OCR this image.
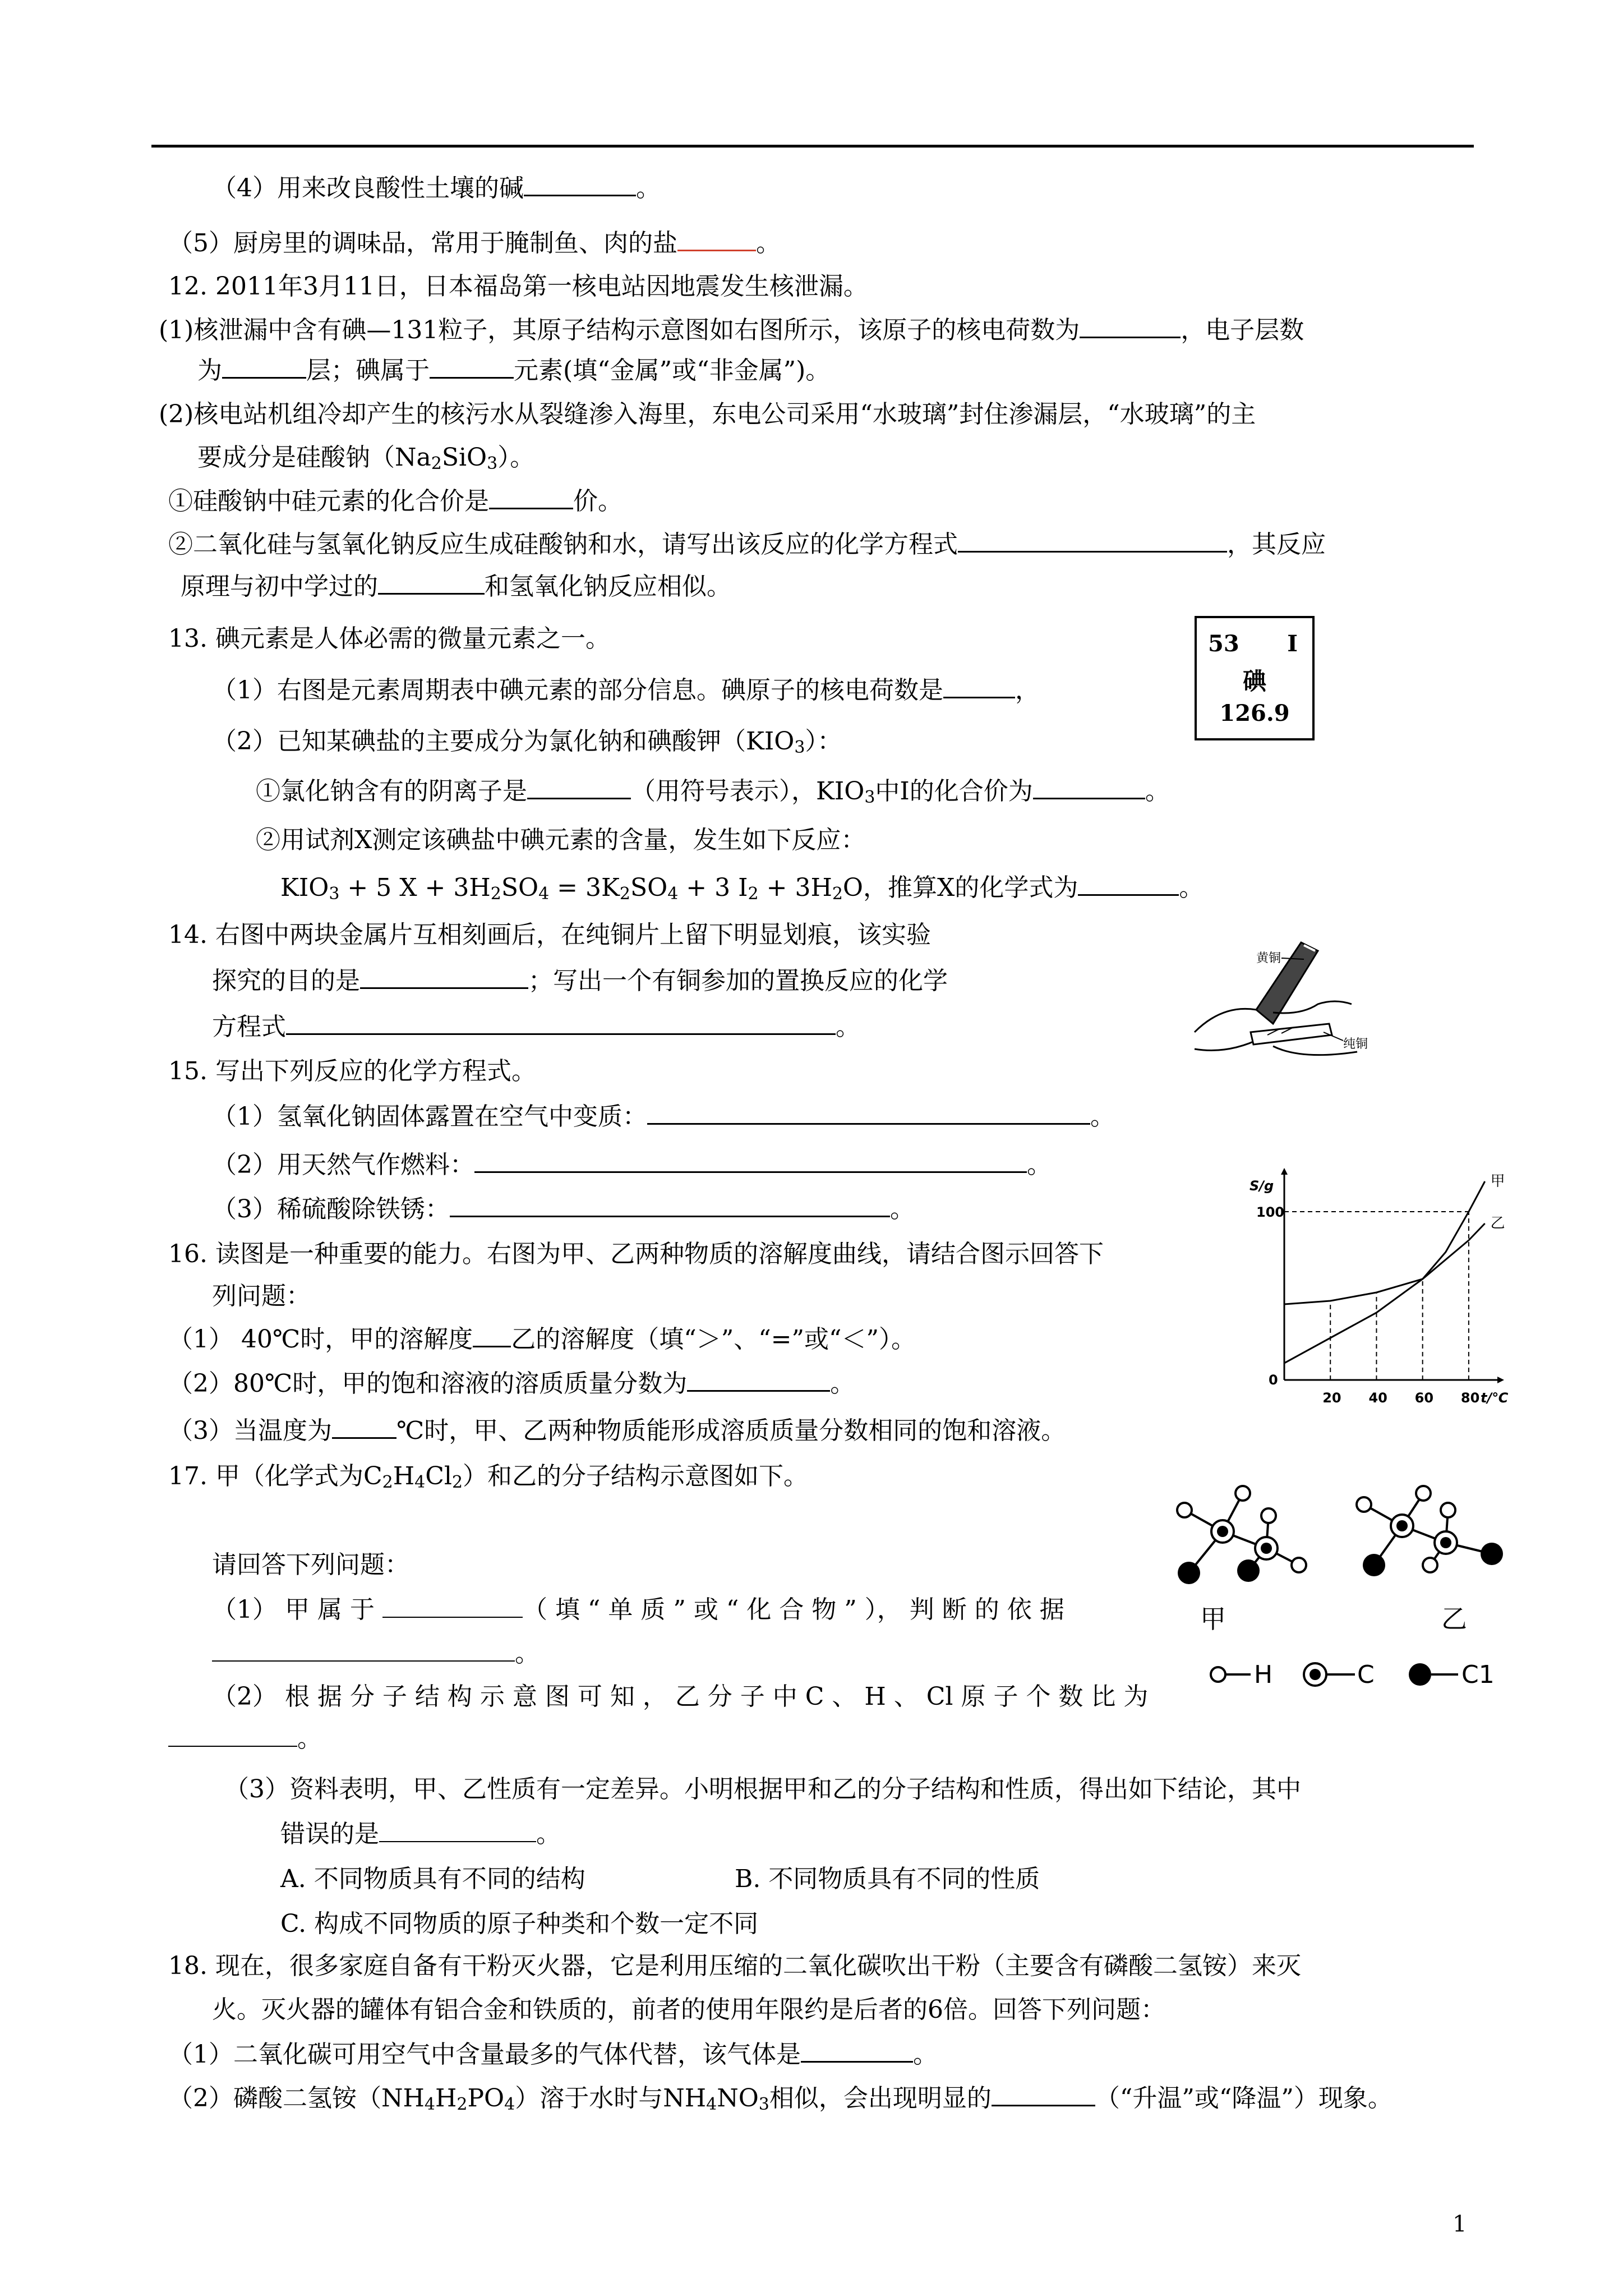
（4）用来改良酸性土壤的碱	。
（5）厨房里的调味品，常用于腌制鱼、肉的盐	。
12. 2011年3月11日，日本福岛第一核电站因地震发生核泄漏。
(1)核泄漏中含有碘—131粒子，其原子结构示意图如右图所示，该原子的核电荷数为	，电子层数
为	层；碘属于	元素(填“金属”或“非金属”)。
(2)核电站机组冷却产生的核污水从裂缝渗入海里，东电公司采用“水玻璃”封住渗漏层，“水玻璃”的主
要成分是硅酸钠$(Na_2SiO_3)$。
①硅酸钠中硅元素的化合价是	价。
②二氧化硅与氢氧化钠反应生成硅酸钠和水，请写出该反应的化学方程式	，其反应
原理与初中学过的	和氢氧化钠反应相似。
13. 碘元素是人体必需的微量元素之一。
（1）右图是元素周期表中碘元素的部分信息。碘原子的核电荷数是	，
（2）已知某碘盐的主要成分为氯化钠和碘酸钾$(KIO_3)$：
①氯化钠含有的阴离子是	（用符号表示），$KIO_3$中I的化合价为	。
②用试剂X测定该碘盐中碘元素的含量，发生如下反应：
$KIO_3 + 5$ $X + 3H_2SO_4 = 3K_2SO_4 + 3$ $I_2 + 3H_2O$，推算X的化学式为	。
14. 右图中两块金属片互相刻画后，在纯铜片上留下明显划痕，该实验
探究的目的是	；写出一个有铜参加的置换反应的化学
方程式	。
15. 写出下列反应的化学方程式。
（1）氢氧化钠固体露置在空气中变质：	。
（2）用天然气作燃料：	。
（3）稀硫酸除铁锈：	。
16. 读图是一种重要的能力。右图为甲、乙两种物质的溶解度曲线，请结合图示回答下
列问题：
（1） 40℃时，甲的溶解度 乙的溶解度（填“＞”、“=”或“＜”）。
（2）80℃时，甲的饱和溶液的溶质质量分数为	。
（3）当温度为	℃时，甲、乙两种物质能形成溶质质量分数相同的饱和溶液。
17. 甲（化学式为$C_2H_4Cl_2$）和乙的分子结构示意图如下。
请回答下列问题：
（1） 甲 属 于	（ 填 “ 单 质 ” 或 “ 化 合 物 ” ）， 判 断 的 依 据
。
（2） 根 据 分 子 结 构 示 意 图 可 知 ， 乙 分 子 中 C 、 H 、 Cl 原 子 个 数 比 为
。
（3）资料表明，甲、乙性质有一定差异。小明根据甲和乙的分子结构和性质，得出如下结论，其中
错误的是	。
A. 不同物质具有不同的结构	B. 不同物质具有不同的性质
C. 构成不同物质的原子种类和个数一定不同
18. 现在，很多家庭自备有干粉灭火器，它是利用压缩的二氧化碳吹出干粉（主要含有磷酸二氢铵）来灭
火。灭火器的罐体有铝合金和铁质的，前者的使用年限约是后者的6倍。回答下列问题：
（1）二氧化碳可用空气中含量最多的气体代替，该气体是	。
（2）磷酸二氢铵$(NH_4H_2PO_4)$溶于水时与$NH_4NO_3$相似，会出现明显的	（“升温”或“降温”）现象。
53 I
碘
126.9
黄铜
纯铜
甲
乙
20 40 60 80
100
0
S/g
t/℃
甲	乙
H	C	C1
1
